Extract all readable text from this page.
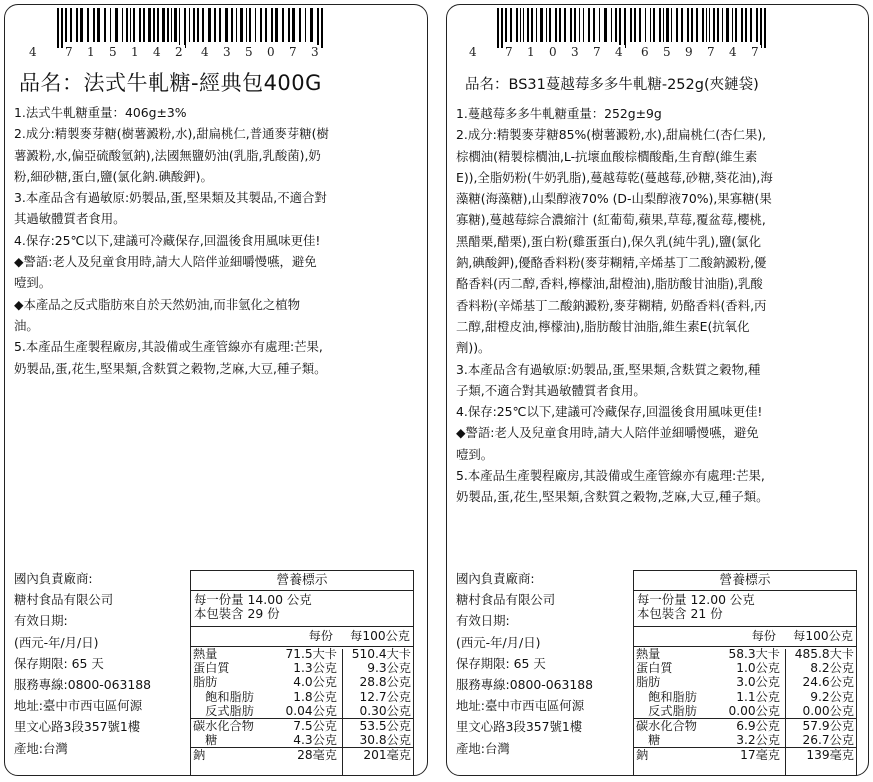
4 7 1 5 1 4 2 4 3 5 0 7 3
品名：法式牛軋糖-經典包400G

1.法式牛軋糖重量：406g±3%

2.成分:精製麥芽糖(樹薯澱粉,水),甜扁桃仁,普通麥芽糖(樹

薯澱粉,水,偏亞硫酸氫鈉),法國無鹽奶油(乳脂,乳酸菌),奶

粉,細砂糖,蛋白,鹽(氯化鈉.碘酸鉀)。

3.本產品含有過敏原:奶製品,蛋,堅果類及其製品,不適合對

其過敏體質者食用。

4.保存:25℃以下,建議可冷藏保存,回溫後食用風味更佳!

◆警語:老人及兒童食用時,請大人陪伴並細嚼慢嚥，避免

噎到。

◆本產品之反式脂肪來自於天然奶油,而非氫化之植物

油。

5.本產品生產製程廠房,其設備或生產管線亦有處理:芒果,

奶製品,蛋,花生,堅果類,含麩質之穀物,芝麻,大豆,種子類。

國內負責廠商:
糖村食品有限公司
有效日期:
(西元-年/月/日)
保存期限: 65 天
服務專線:0800-063188
地址:臺中市西屯區何源
里文心路3段357號1樓
產地:台灣
營養標示
每一份量 14.00 公克
本包裝含 29 份
每份 每100公克
熱量	71.5大卡 510.4大卡
蛋白質	1.3公克 9.3公克
脂肪	4.0公克 28.8公克
　飽和脂肪	1.8公克 12.7公克
　反式脂肪	0.04公克 0.30公克
碳水化合物	7.5公克 53.5公克
　糖	4.3公克 30.8公克
鈉	28毫克 201毫克
4 7 1 0 3 7 4 6 5 9 7 4 7
品名：BS31蔓越莓多多牛軋糖-252g(夾鏈袋)

1.蔓越莓多多牛軋糖重量：252g±9g

2.成分:精製麥芽糖85%(樹薯澱粉,水),甜扁桃仁(杏仁果),

棕櫚油(精製棕櫚油,L-抗壞血酸棕櫚酸酯,生育醇(維生素

E)),全脂奶粉(牛奶乳脂),蔓越莓乾(蔓越莓,砂糖,葵花油),海

藻糖(海藻糖),山梨醇液70% (D-山梨醇液70%),果寡糖(果

寡糖),蔓越莓綜合濃縮汁 (紅葡萄,蘋果,草莓,覆盆莓,櫻桃,

黑醋栗,醋栗),蛋白粉(雞蛋蛋白),保久乳(純牛乳),鹽(氯化

鈉,碘酸鉀),優酪香料粉(麥芽糊精,辛烯基丁二酸鈉澱粉,優

酪香料(丙二醇,香料,檸檬油,甜橙油),脂肪酸甘油脂),乳酸

香料粉(辛烯基丁二酸鈉澱粉,麥芽糊精, 奶酪香料(香料,丙

二醇,甜橙皮油,檸檬油),脂肪酸甘油脂,維生素E(抗氧化

劑))。

3.本產品含有過敏原:奶製品,蛋,堅果類,含麩質之穀物,種

子類,不適合對其過敏體質者食用。

4.保存:25℃以下,建議可冷藏保存,回溫後食用風味更佳!

◆警語:老人及兒童食用時,請大人陪伴並細嚼慢嚥，避免

噎到。

5.本產品生產製程廠房,其設備或生產管線亦有處理:芒果,

奶製品,蛋,花生,堅果類,含麩質之穀物,芝麻,大豆,種子類。

國內負責廠商:
糖村食品有限公司
有效日期:
(西元-年/月/日)
保存期限: 65 天
服務專線:0800-063188
地址:臺中市西屯區何源
里文心路3段357號1樓
產地:台灣
營養標示
每一份量 12.00 公克
本包裝含 21 份
每份 每100公克
熱量	58.3大卡 485.8大卡
蛋白質	1.0公克 8.2公克
脂肪	3.0公克 24.6公克
　飽和脂肪	1.1公克 9.2公克
　反式脂肪	0.00公克 0.00公克
碳水化合物	6.9公克 57.9公克
　糖	3.2公克 26.7公克
鈉	17毫克 139毫克
